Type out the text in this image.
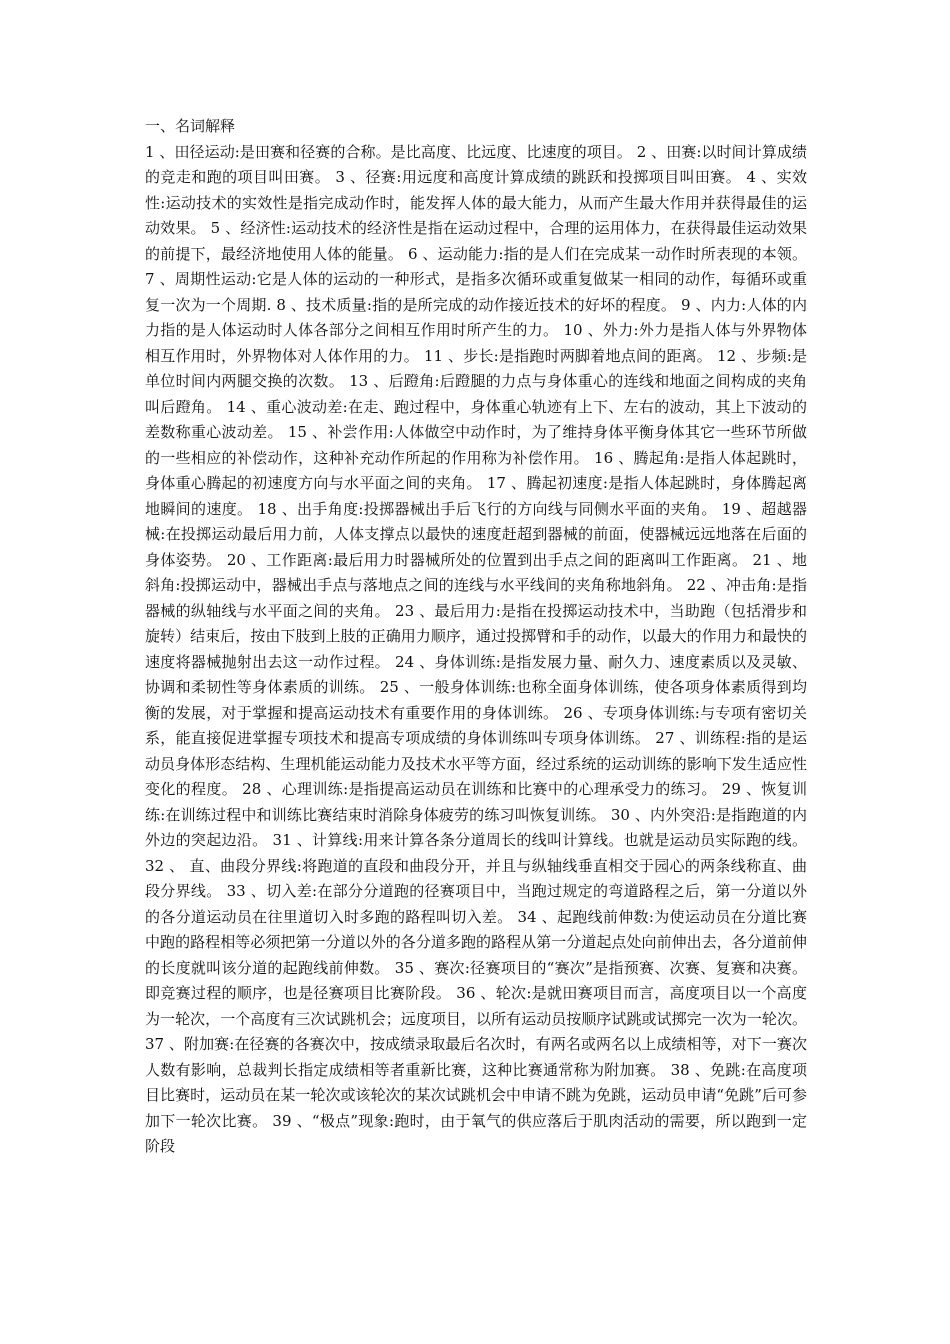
一、名词解释

1 、田径运动:是田赛和径赛的合称。是比高度、比远度、比速度的项目。 2 、田赛:以时间计算成绩的竞走和跑的项目叫田赛。 3 、径赛:用远度和高度计算成绩的跳跃和投掷项目叫田赛。 4 、实效性:运动技术的实效性是指完成动作时，能发挥人体的最大能力，从而产生最大作用并获得最佳的运动效果。 5 、经济性:运动技术的经济性是指在运动过程中，合理的运用体力，在获得最佳运动效果的前提下，最经济地使用人体的能量。 6 、运动能力:指的是人们在完成某一动作时所表现的本领。7 、周期性运动:它是人体的运动的一种形式，是指多次循环或重复做某一相同的动作，每循环或重复一次为一个周期. 8 、技术质量:指的是所完成的动作接近技术的好坏的程度。 9 、内力:人体的内力指的是人体运动时人体各部分之间相互作用时所产生的力。 10 、外力:外力是指人体与外界物体相互作用时，外界物体对人体作用的力。 11 、步长:是指跑时两脚着地点间的距离。 12 、步频:是单位时间内两腿交换的次数。 13 、后蹬角:后蹬腿的力点与身体重心的连线和地面之间构成的夹角叫后蹬角。 14 、重心波动差:在走、跑过程中，身体重心轨迹有上下、左右的波动，其上下波动的差数称重心波动差。 15 、补尝作用:人体做空中动作时，为了维持身体平衡身体其它一些环节所做的一些相应的补偿动作，这种补充动作所起的作用称为补偿作用。 16 、腾起角:是指人体起跳时，身体重心腾起的初速度方向与水平面之间的夹角。 17 、腾起初速度:是指人体起跳时，身体腾起离地瞬间的速度。 18 、出手角度:投掷器械出手后飞行的方向线与同侧水平面的夹角。 19 、超越器械:在投掷运动最后用力前，人体支撑点以最快的速度赶超到器械的前面，使器械远远地落在后面的身体姿势。 20 、工作距离:最后用力时器械所处的位置到出手点之间的距离叫工作距离。 21 、地斜角:投掷运动中，器械出手点与落地点之间的连线与水平线间的夹角称地斜角。 22 、冲击角:是指器械的纵轴线与水平面之间的夹角。 23 、最后用力:是指在投掷运动技术中，当助跑（包括滑步和旋转）结束后，按由下肢到上肢的正确用力顺序，通过投掷臂和手的动作，以最大的作用力和最快的速度将器械抛射出去这一动作过程。 24 、身体训练:是指发展力量、耐久力、速度素质以及灵敏、协调和柔韧性等身体素质的训练。 25 、一般身体训练:也称全面身体训练，使各项身体素质得到均衡的发展，对于掌握和提高运动技术有重要作用的身体训练。 26 、专项身体训练:与专项有密切关系，能直接促进掌握专项技术和提高专项成绩的身体训练叫专项身体训练。 27 、训练程:指的是运动员身体形态结构、生理机能运动能力及技术水平等方面，经过系统的运动训练的影响下发生适应性变化的程度。 28 、心理训练:是指提高运动员在训练和比赛中的心理承受力的练习。 29 、恢复训练:在训练过程中和训练比赛结束时消除身体疲劳的练习叫恢复训练。 30 、内外突沿:是指跑道的内外边的突起边沿。 31 、计算线:用来计算各条分道周长的线叫计算线。也就是运动员实际跑的线。 32 、 直、曲段分界线:将跑道的直段和曲段分开，并且与纵轴线垂直相交于园心的两条线称直、曲段分界线。 33 、切入差:在部分分道跑的径赛项目中，当跑过规定的弯道路程之后，第一分道以外的各分道运动员在往里道切入时多跑的路程叫切入差。 34 、起跑线前伸数:为使运动员在分道比赛中跑的路程相等必须把第一分道以外的各分道多跑的路程从第一分道起点处向前伸出去，各分道前伸的长度就叫该分道的起跑线前伸数。 35 、赛次:径赛项目的“赛次”是指预赛、次赛、复赛和决赛。即竞赛过程的顺序，也是径赛项目比赛阶段。 36 、轮次:是就田赛项目而言，高度项目以一个高度为一轮次，一个高度有三次试跳机会；远度项目，以所有运动员按顺序试跳或试掷完一次为一轮次。 37 、附加赛:在径赛的各赛次中，按成绩录取最后名次时，有两名或两名以上成绩相等，对下一赛次人数有影响，总裁判长指定成绩相等者重新比赛，这种比赛通常称为附加赛。 38 、免跳:在高度项目比赛时，运动员在某一轮次或该轮次的某次试跳机会中申请不跳为免跳，运动员申请“免跳”后可参加下一轮次比赛。 39 、“极点”现象:跑时，由于氧气的供应落后于肌肉活动的需要，所以跑到一定阶段
